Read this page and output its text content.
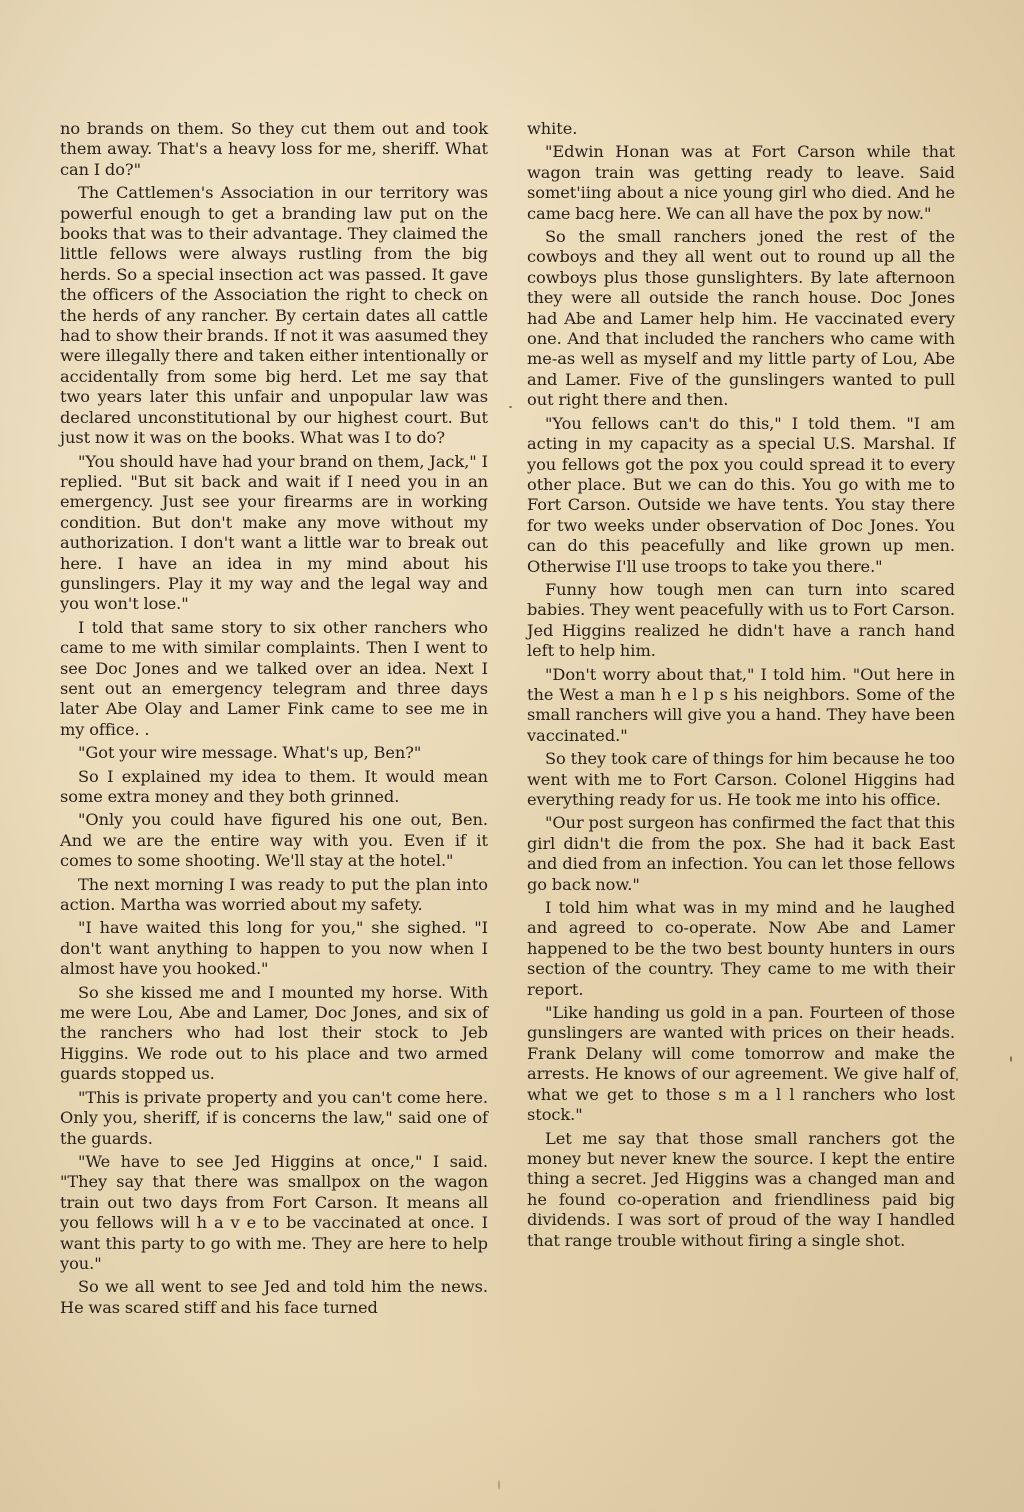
no brands on them. So they cut them out and took them away. That's a heavy loss for me, sheriff. What can I do?"

The Cattlemen's Association in our territory was powerful enough to get a branding law put on the books that was to their advantage. They claimed the little fellows were always rustling from the big herds. So a special insection act was passed. It gave the officers of the Association the right to check on the herds of any rancher. By certain dates all cattle had to show their brands. If not it was aasumed they were illegally there and taken either intentionally or accidentally from some big herd. Let me say that two years later this unfair and unpopular law was declared unconstitutional by our highest court. But just now it was on the books. What was I to do?

"You should have had your brand on them, Jack," I replied. "But sit back and wait if I need you in an emergency. Just see your firearms are in working condition. But don't make any move without my authorization. I don't want a little war to break out here. I have an idea in my mind about his gunslingers. Play it my way and the legal way and you won't lose."

I told that same story to six other ranchers who came to me with similar complaints. Then I went to see Doc Jones and we talked over an idea. Next I sent out an emergency telegram and three days later Abe Olay and Lamer Fink came to see me in my office. .

"Got your wire message. What's up, Ben?"

So I explained my idea to them. It would mean some extra money and they both grinned.

"Only you could have figured his one out, Ben. And we are the entire way with you. Even if it comes to some shooting. We'll stay at the hotel."

The next morning I was ready to put the plan into action. Martha was worried about my safety.

"I have waited this long for you," she sighed. "I don't want anything to happen to you now when I almost have you hooked."

So she kissed me and I mounted my horse. With me were Lou, Abe and Lamer, Doc Jones, and six of the ranchers who had lost their stock to Jeb Higgins. We rode out to his place and two armed guards stopped us.

"This is private property and you can't come here. Only you, sheriff, if is concerns the law," said one of the guards.

"We have to see Jed Higgins at once," I said. "They say that there was smallpox on the wagon train out two days from Fort Carson. It means all you fellows will h a v e to be vaccinated at once. I want this party to go with me. They are here to help you."

So we all went to see Jed and told him the news. He was scared stiff and his face turned

white.

"Edwin Honan was at Fort Carson while that wagon train was getting ready to leave. Said somet'iing about a nice young girl who died. And he came bacg here. We can all have the pox by now."

So the small ranchers joned the rest of the cowboys and they all went out to round up all the cowboys plus those gunslighters. By late afternoon they were all outside the ranch house. Doc Jones had Abe and Lamer help him. He vaccinated every one. And that included the ranchers who came with me-as well as myself and my little party of Lou, Abe and Lamer. Five of the gunslingers wanted to pull out right there and then.

"You fellows can't do this," I told them. "I am acting in my capacity as a special U.S. Marshal. If you fellows got the pox you could spread it to every other place. But we can do this. You go with me to Fort Carson. Outside we have tents. You stay there for two weeks under observation of Doc Jones. You can do this peacefully and like grown up men. Otherwise I'll use troops to take you there."

Funny how tough men can turn into scared babies. They went peacefully with us to Fort Carson. Jed Higgins realized he didn't have a ranch hand left to help him.

"Don't worry about that," I told him. "Out here in the West a man h e l p s his neighbors. Some of the small ranchers will give you a hand. They have been vaccinated."

So they took care of things for him because he too went with me to Fort Carson. Colonel Higgins had everything ready for us. He took me into his office.

"Our post surgeon has confirmed the fact that this girl didn't die from the pox. She had it back East and died from an infection. You can let those fellows go back now."

I told him what was in my mind and he laughed and agreed to co-operate. Now Abe and Lamer happened to be the two best bounty hunters in ours section of the country. They came to me with their report.

"Like handing us gold in a pan. Fourteen of those gunslingers are wanted with prices on their heads. Frank Delany will come tomorrow and make the arrests. He knows of our agreement. We give half of what we get to those s m a l l ranchers who lost stock."

Let me say that those small ranchers got the money but never knew the source. I kept the entire thing a secret. Jed Higgins was a changed man and he found co-operation and friendliness paid big dividends. I was sort of proud of the way I handled that range trouble without firing a single shot.
